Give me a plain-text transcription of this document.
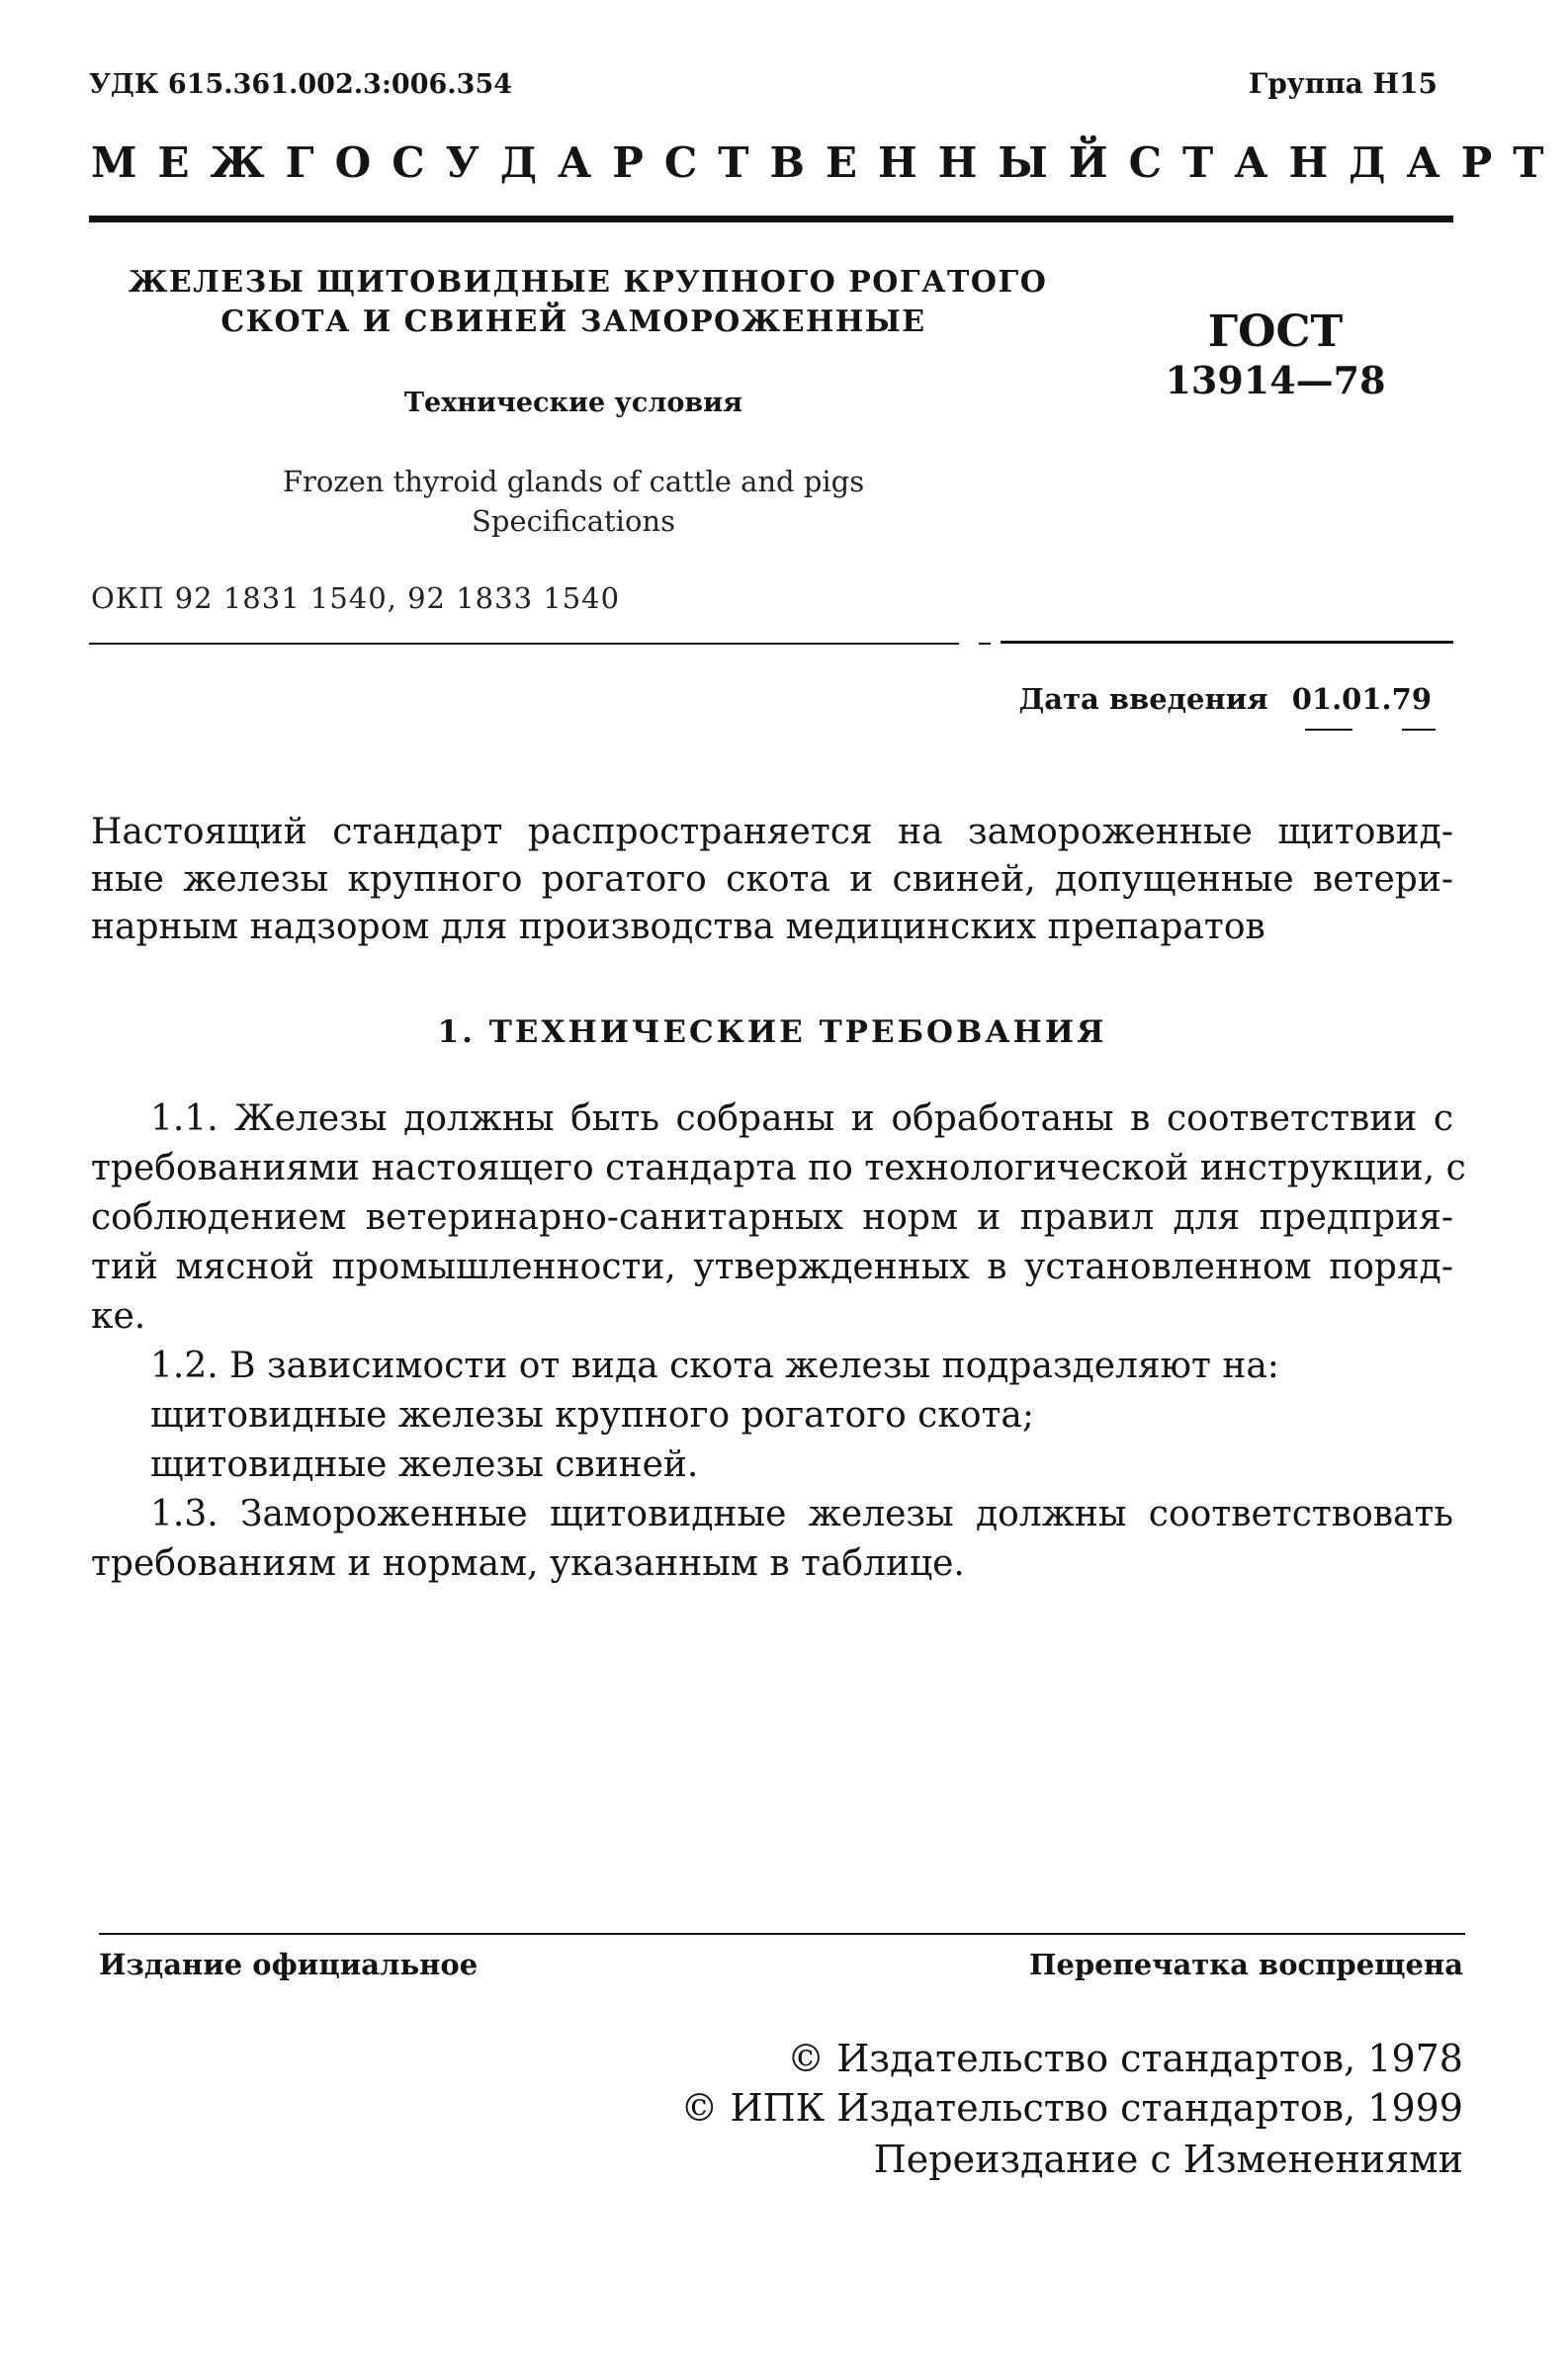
УДК 615.361.002.3:006.354	Группа Н15
МЕЖГОСУДАРСТВЕННЫЙ СТАНДАРТ
ЖЕЛЕЗЫ ЩИТОВИДНЫЕ КРУПНОГО РОГАТОГО
СКОТА И СВИНЕЙ ЗАМОРОЖЕННЫЕ
Технические условия
Frozen thyroid glands of cattle and pigs
Specifications
ОКП 92 1831 1540, 92 1833 1540
ГОСТ
13914—78
Дата введения 01.01.79
Настоящий стандарт распространяется на замороженные щитовид-
ные железы крупного рогатого скота и свиней, допущенные ветери-
нарным надзором для производства медицинских препаратов
1. ТЕХНИЧЕСКИЕ ТРЕБОВАНИЯ
1.1. Железы должны быть собраны и обработаны в соответствии с
требованиями настоящего стандарта по технологической инструкции, с
соблюдением ветеринарно-санитарных норм и правил для предприя-
тий мясной промышленности, утвержденных в установленном поряд-
ке.
1.2. В зависимости от вида скота железы подразделяют на:
щитовидные железы крупного рогатого скота;
щитовидные железы свиней.
1.3. Замороженные щитовидные железы должны соответствовать
требованиям и нормам, указанным в таблице.
Издание официальное	Перепечатка воспрещена
© Издательство стандартов, 1978
© ИПК Издательство стандартов, 1999
Переиздание с Изменениями
